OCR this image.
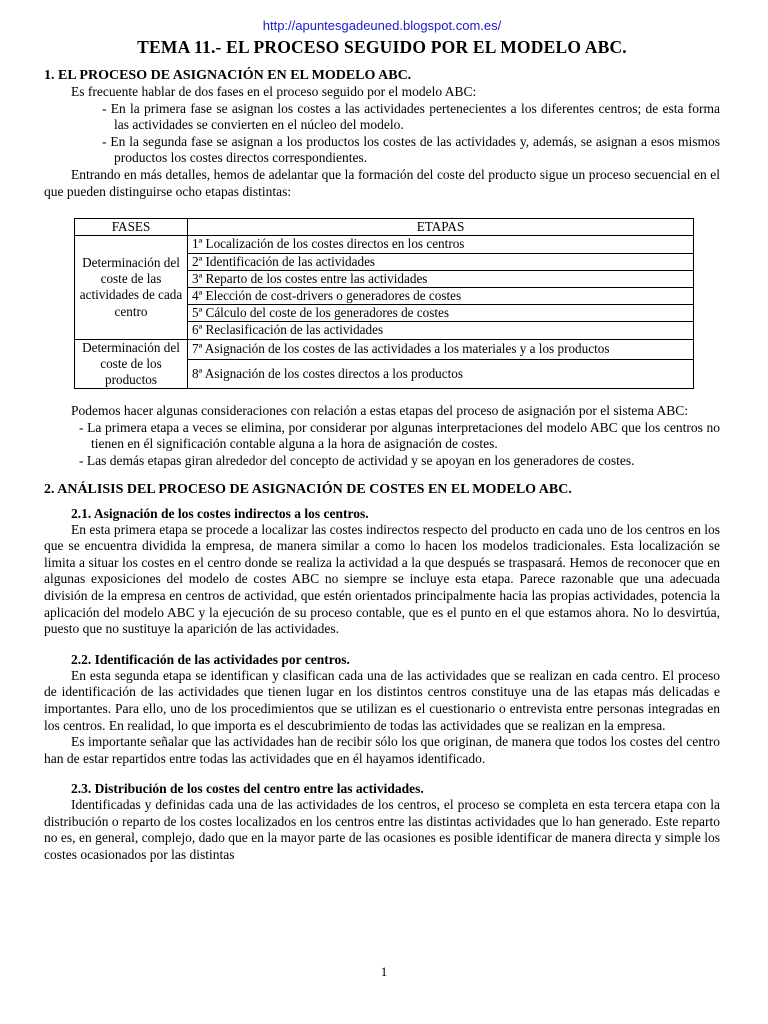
http://apuntesgadeuned.blogspot.com.es/
TEMA 11.- EL PROCESO SEGUIDO POR EL MODELO ABC.
1. EL PROCESO DE ASIGNACIÓN EN EL MODELO ABC.

Es frecuente hablar de dos fases en el proceso seguido por el modelo ABC:

- En la primera fase se asignan los costes a las actividades pertenecientes a los diferentes centros; de esta forma las actividades se convierten en el núcleo del modelo.

- En la segunda fase se asignan a los productos los costes de las actividades y, además, se asignan a esos mismos productos los costes directos correspondientes.

Entrando en más detalles, hemos de adelantar que la formación del coste del producto sigue un proceso secuencial en el que pueden distinguirse ocho etapas distintas:

FASES	ETAPAS
Determinación del coste de las actividades de cada centro	1ª Localización de los costes directos en los centros
	2ª Identificación de las actividades
	3ª Reparto de los costes entre las actividades
	4ª Elección de cost-drivers o generadores de costes
	5ª Cálculo del coste de los generadores de costes
	6ª Reclasificación de las actividades
Determinación del coste de los productos	7ª Asignación de los costes de las actividades a los materiales y a los productos
	8ª Asignación de los costes directos a los productos

Podemos hacer algunas consideraciones con relación a estas etapas del proceso de asignación por el sistema ABC:

- La primera etapa a veces se elimina, por considerar por algunas interpretaciones del modelo ABC que los centros no tienen en él significación contable alguna a la hora de asignación de costes.

- Las demás etapas giran alrededor del concepto de actividad y se apoyan en los generadores de costes.

2. ANÁLISIS DEL PROCESO DE ASIGNACIÓN DE COSTES EN EL MODELO ABC.
2.1. Asignación de los costes indirectos a los centros.

En esta primera etapa se procede a localizar las costes indirectos respecto del producto en cada uno de los centros en los que se encuentra dividida la empresa, de manera similar a como lo hacen los modelos tradicionales. Esta localización se limita a situar los costes en el centro donde se realiza la actividad a la que después se traspasará. Hemos de reconocer que en algunas exposiciones del modelo de costes ABC no siempre se incluye esta etapa. Parece razonable que una adecuada división de la empresa en centros de actividad, que estén orientados principalmente hacia las propias actividades, potencia la aplicación del modelo ABC y la ejecución de su proceso contable, que es el punto en el que estamos ahora. No lo desvirtúa, puesto que no sustituye la aparición de las actividades.

2.2. Identificación de las actividades por centros.

En esta segunda etapa se identifican y clasifican cada una de las actividades que se realizan en cada centro. El proceso de identificación de las actividades que tienen lugar en los distintos centros constituye una de las etapas más delicadas e importantes. Para ello, uno de los procedimientos que se utilizan es el cuestionario o entrevista entre personas integradas en los centros. En realidad, lo que importa es el descubrimiento de todas las actividades que se realizan en la empresa.

Es importante señalar que las actividades han de recibir sólo los que originan, de manera que todos los costes del centro han de estar repartidos entre todas las actividades que en él hayamos identificado.

2.3. Distribución de los costes del centro entre las actividades.

Identificadas y definidas cada una de las actividades de los centros, el proceso se completa en esta tercera etapa con la distribución o reparto de los costes localizados en los centros entre las distintas actividades que lo han generado. Este reparto no es, en general, complejo, dado que en la mayor parte de las ocasiones es posible identificar de manera directa y simple los costes ocasionados por las distintas

1
